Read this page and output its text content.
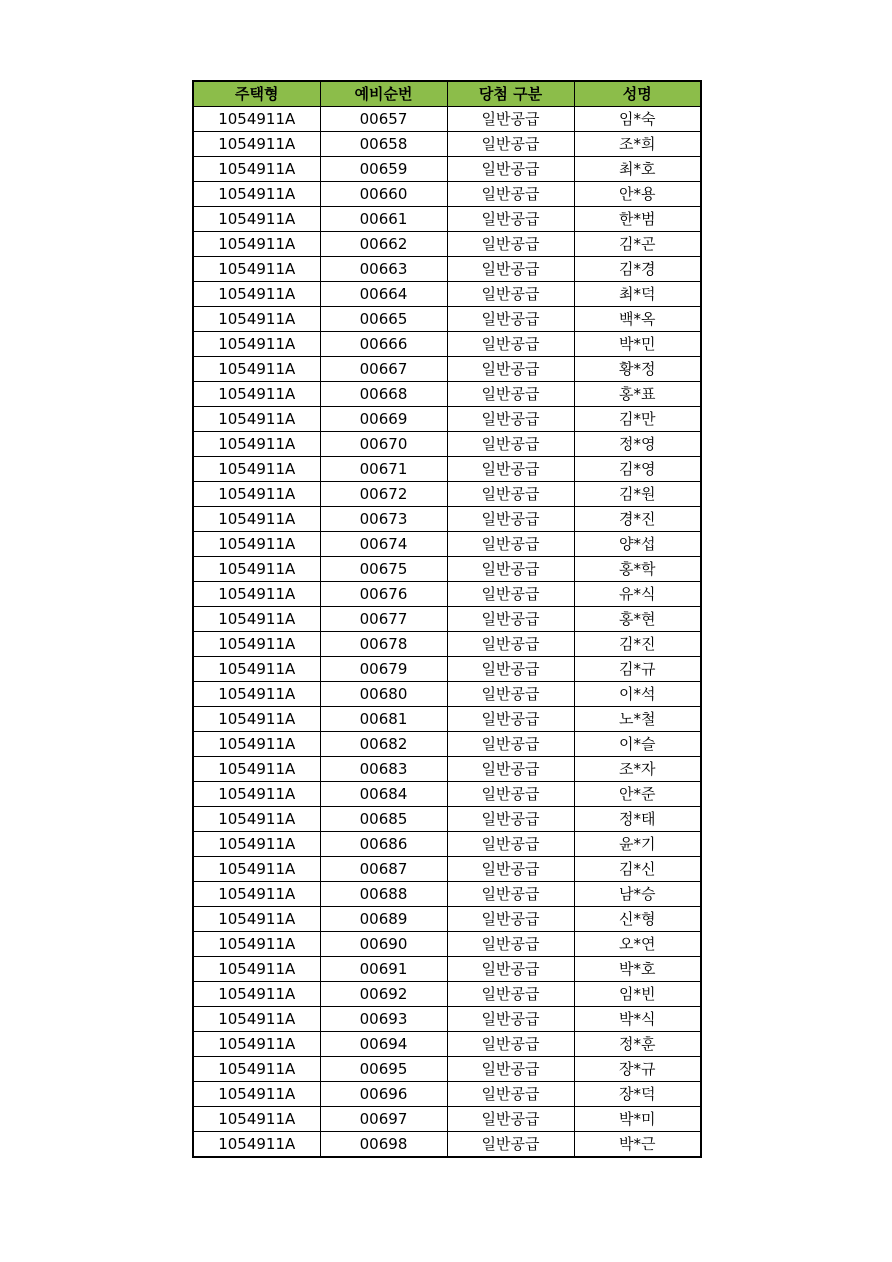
주택형	예비순번	당첨 구분	성명
1054911A	00657	일반공급	임*숙
1054911A	00658	일반공급	조*희
1054911A	00659	일반공급	최*호
1054911A	00660	일반공급	안*용
1054911A	00661	일반공급	한*범
1054911A	00662	일반공급	김*곤
1054911A	00663	일반공급	김*경
1054911A	00664	일반공급	최*덕
1054911A	00665	일반공급	백*옥
1054911A	00666	일반공급	박*민
1054911A	00667	일반공급	황*정
1054911A	00668	일반공급	홍*표
1054911A	00669	일반공급	김*만
1054911A	00670	일반공급	정*영
1054911A	00671	일반공급	김*영
1054911A	00672	일반공급	김*원
1054911A	00673	일반공급	경*진
1054911A	00674	일반공급	양*섭
1054911A	00675	일반공급	홍*학
1054911A	00676	일반공급	유*식
1054911A	00677	일반공급	홍*현
1054911A	00678	일반공급	김*진
1054911A	00679	일반공급	김*규
1054911A	00680	일반공급	이*석
1054911A	00681	일반공급	노*철
1054911A	00682	일반공급	이*슬
1054911A	00683	일반공급	조*자
1054911A	00684	일반공급	안*준
1054911A	00685	일반공급	정*태
1054911A	00686	일반공급	윤*기
1054911A	00687	일반공급	김*신
1054911A	00688	일반공급	남*승
1054911A	00689	일반공급	신*형
1054911A	00690	일반공급	오*연
1054911A	00691	일반공급	박*호
1054911A	00692	일반공급	임*빈
1054911A	00693	일반공급	박*식
1054911A	00694	일반공급	정*훈
1054911A	00695	일반공급	장*규
1054911A	00696	일반공급	장*덕
1054911A	00697	일반공급	박*미
1054911A	00698	일반공급	박*근
